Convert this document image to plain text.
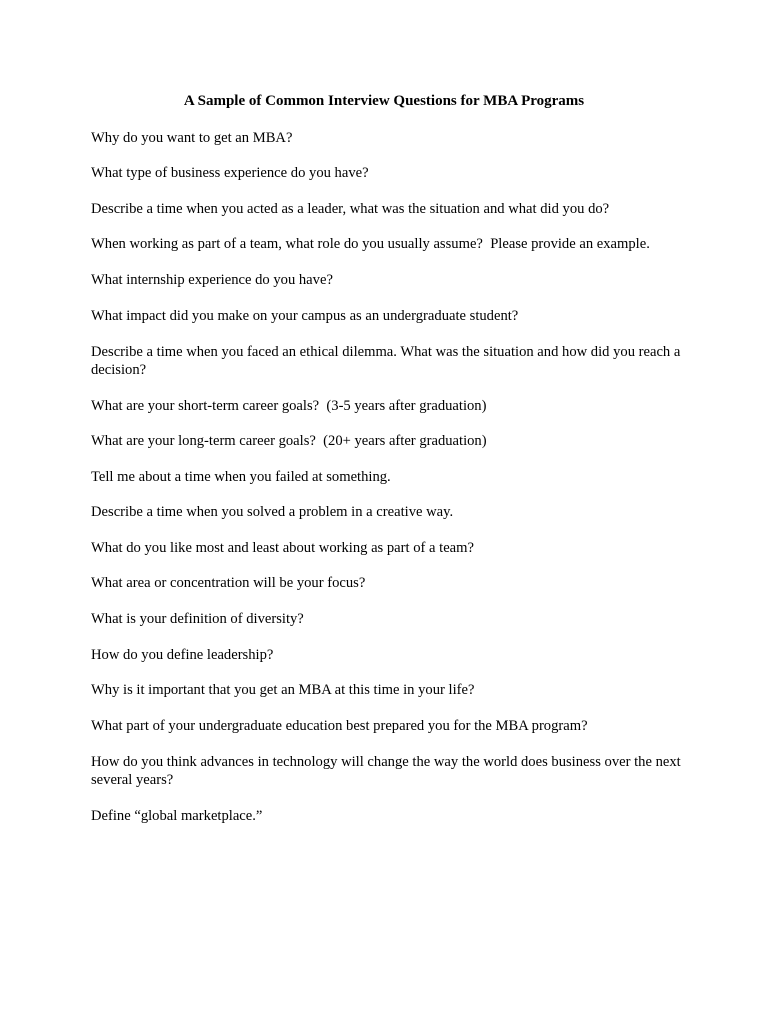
A Sample of Common Interview Questions for MBA Programs
Why do you want to get an MBA?
What type of business experience do you have?
Describe a time when you acted as a leader, what was the situation and what did you do?
When working as part of a team, what role do you usually assume?  Please provide an example.
What internship experience do you have?
What impact did you make on your campus as an undergraduate student?
Describe a time when you faced an ethical dilemma. What was the situation and how did you reach a decision?
What are your short-term career goals?  (3-5 years after graduation)
What are your long-term career goals?  (20+ years after graduation)
Tell me about a time when you failed at something.
Describe a time when you solved a problem in a creative way.
What do you like most and least about working as part of a team?
What area or concentration will be your focus?
What is your definition of diversity?
How do you define leadership?
Why is it important that you get an MBA at this time in your life?
What part of your undergraduate education best prepared you for the MBA program?
How do you think advances in technology will change the way the world does business over the next several years?
Define “global marketplace.”
